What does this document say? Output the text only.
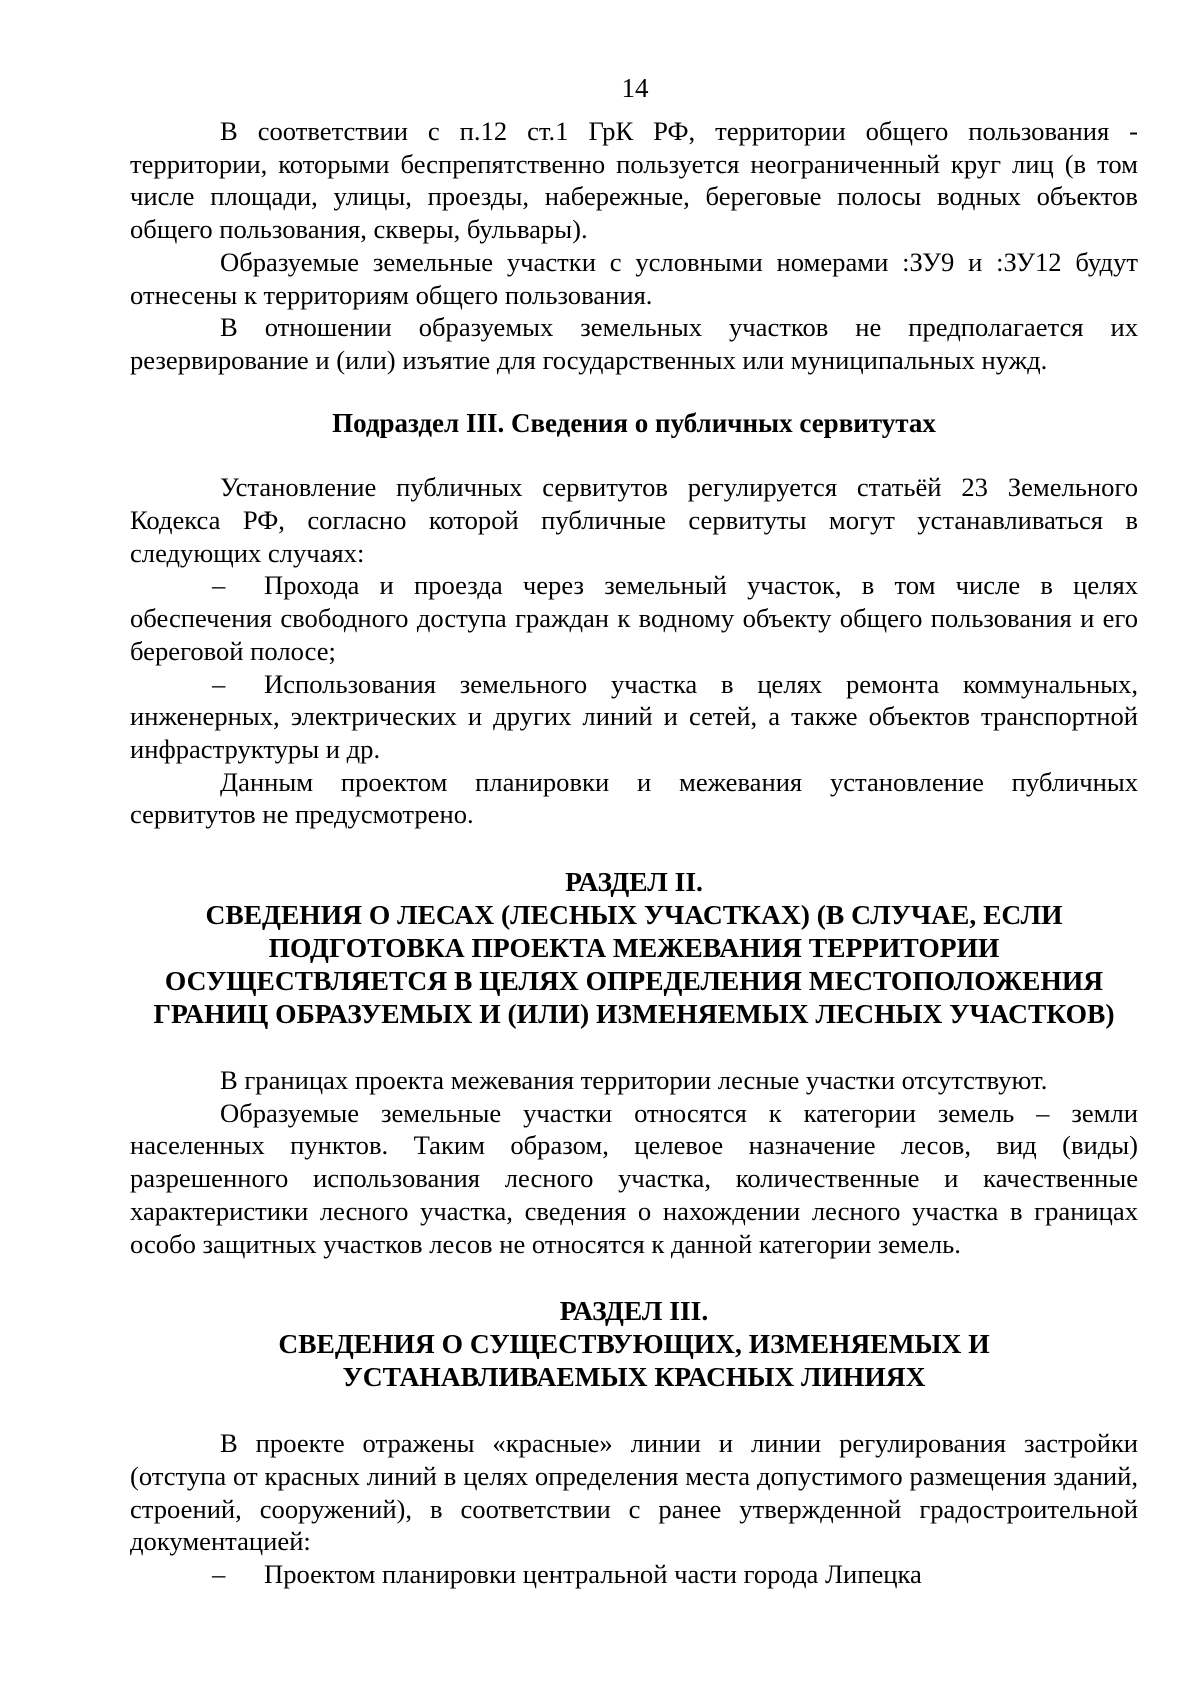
14

В соответствии с п.12 ст.1 ГрК РФ, территории общего пользования - территории, которыми беспрепятственно пользуется неограниченный круг лиц (в том числе площади, улицы, проезды, набережные, береговые полосы водных объектов общего пользования, скверы, бульвары).

Образуемые земельные участки с условными номерами :ЗУ9 и :ЗУ12 будут отнесены к территориям общего пользования.

В отношении образуемых земельных участков не предполагается их резервирование и (или) изъятие для государственных или муниципальных нужд.

Подраздел III. Сведения о публичных сервитутах

Установление публичных сервитутов регулируется статьёй 23 Земельного Кодекса РФ, согласно которой публичные сервитуты могут устанавливаться в следующих случаях:

– Прохода и проезда через земельный участок, в том числе в целях обеспечения свободного доступа граждан к водному объекту общего пользования и его береговой полосе;

– Использования земельного участка в целях ремонта коммунальных, инженерных, электрических и других линий и сетей, а также объектов транспортной инфраструктуры и др.

Данным проектом планировки и межевания установление публичных сервитутов не предусмотрено.

РАЗДЕЛ II.
СВЕДЕНИЯ О ЛЕСАХ (ЛЕСНЫХ УЧАСТКАХ) (В СЛУЧАЕ, ЕСЛИ
ПОДГОТОВКА ПРОЕКТА МЕЖЕВАНИЯ ТЕРРИТОРИИ
ОСУЩЕСТВЛЯЕТСЯ В ЦЕЛЯХ ОПРЕДЕЛЕНИЯ МЕСТОПОЛОЖЕНИЯ
ГРАНИЦ ОБРАЗУЕМЫХ И (ИЛИ) ИЗМЕНЯЕМЫХ ЛЕСНЫХ УЧАСТКОВ)

В границах проекта межевания территории лесные участки отсутствуют.

Образуемые земельные участки относятся к категории земель – земли населенных пунктов. Таким образом, целевое назначение лесов, вид (виды) разрешенного использования лесного участка, количественные и качественные характеристики лесного участка, сведения о нахождении лесного участка в границах особо защитных участков лесов не относятся к данной категории земель.

РАЗДЕЛ III.
СВЕДЕНИЯ О СУЩЕСТВУЮЩИХ, ИЗМЕНЯЕМЫХ И
УСТАНАВЛИВАЕМЫХ КРАСНЫХ ЛИНИЯХ

В проекте отражены «красные» линии и линии регулирования застройки (отступа от красных линий в целях определения места допустимого размещения зданий, строений, сооружений), в соответствии с ранее утвержденной градостроительной документацией:

– Проектом планировки центральной части города Липецка
